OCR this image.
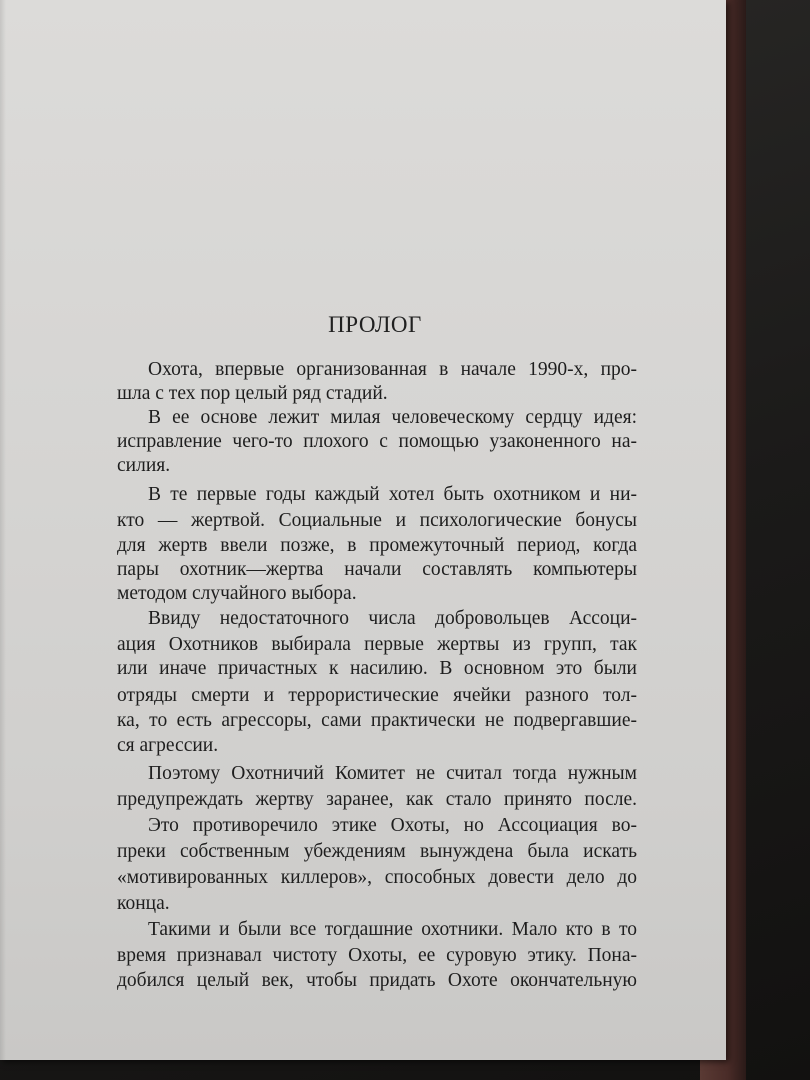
ПРОЛОГ

Охота, впервые организованная в начале 1990-х, про-

шла с тех пор целый ряд стадий.

В ее основе лежит милая человеческому сердцу идея:

исправление чего-то плохого с помощью узаконенного на-

силия.

В те первые годы каждый хотел быть охотником и ни-

кто — жертвой. Социальные и психологические бонусы

для жертв ввели позже, в промежуточный период, когда

пары охотник—жертва начали составлять компьютеры

методом случайного выбора.

Ввиду недостаточного числа добровольцев Ассоци-

ация Охотников выбирала первые жертвы из групп, так

или иначе причастных к насилию. В основном это были

отряды смерти и террористические ячейки разного тол-

ка, то есть агрессоры, сами практически не подвергавшие-

ся агрессии.

Поэтому Охотничий Комитет не считал тогда нужным

предупреждать жертву заранее, как стало принято после.

Это противоречило этике Охоты, но Ассоциация во-

преки собственным убеждениям вынуждена была искать

«мотивированных киллеров», способных довести дело до

конца.

Такими и были все тогдашние охотники. Мало кто в то

время признавал чистоту Охоты, ее суровую этику. Пона-

добился целый век, чтобы придать Охоте окончательную
